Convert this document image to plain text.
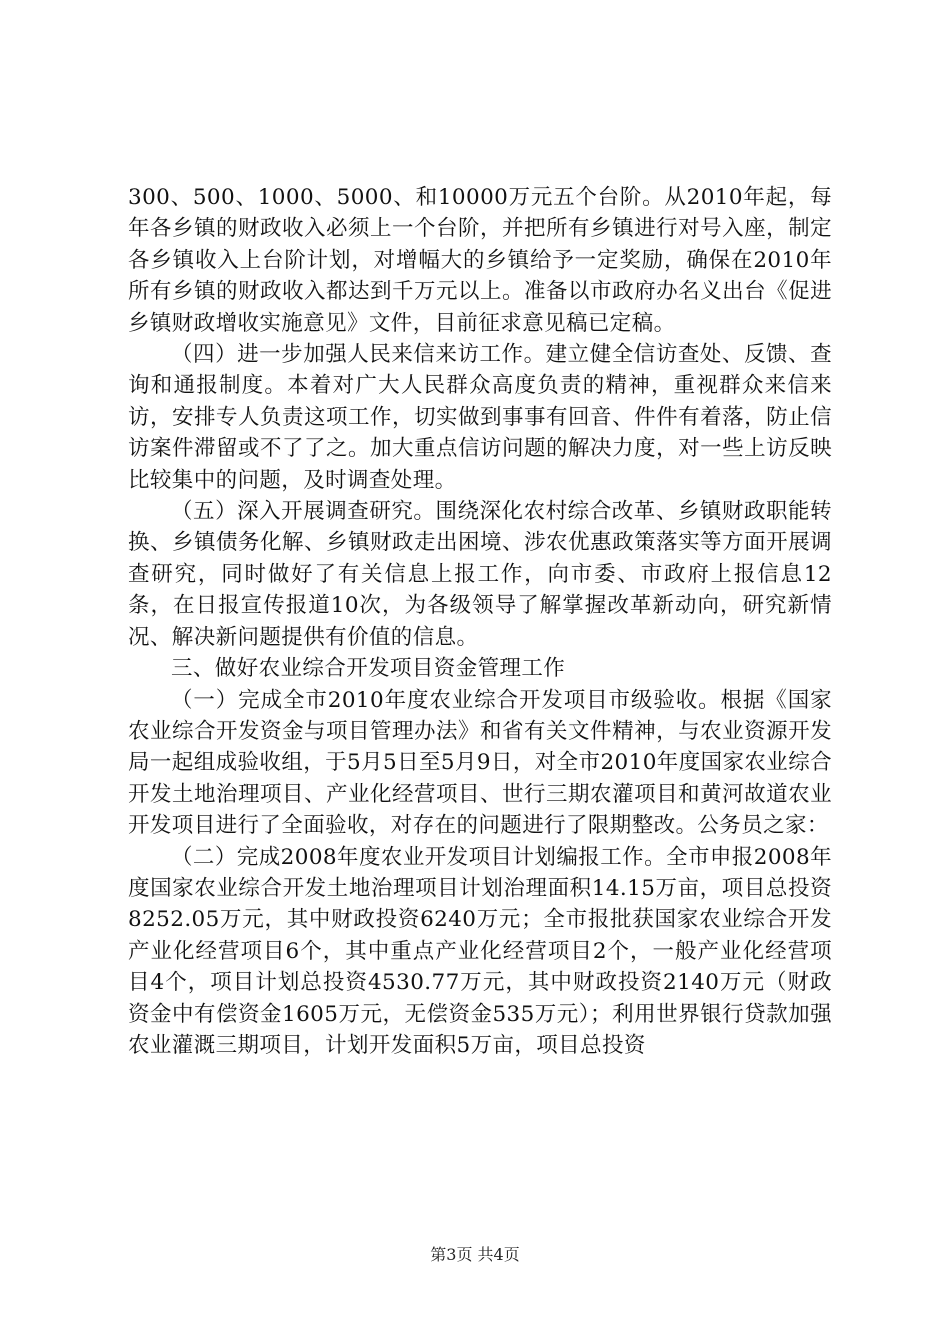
300、500、1000、5000、和10000万元五个台阶。从2010年起，每年各乡镇的财政收入必须上一个台阶，并把所有乡镇进行对号入座，制定各乡镇收入上台阶计划，对增幅大的乡镇给予一定奖励，确保在2010年所有乡镇的财政收入都达到千万元以上。准备以市政府办名义出台《促进乡镇财政增收实施意见》文件，目前征求意见稿已定稿。

（四）进一步加强人民来信来访工作。建立健全信访查处、反馈、查询和通报制度。本着对广大人民群众高度负责的精神，重视群众来信来访，安排专人负责这项工作，切实做到事事有回音、件件有着落，防止信访案件滞留或不了了之。加大重点信访问题的解决力度，对一些上访反映比较集中的问题，及时调查处理。

（五）深入开展调查研究。围绕深化农村综合改革、乡镇财政职能转换、乡镇债务化解、乡镇财政走出困境、涉农优惠政策落实等方面开展调查研究，同时做好了有关信息上报工作，向市委、市政府上报信息12条，在日报宣传报道10次，为各级领导了解掌握改革新动向，研究新情况、解决新问题提供有价值的信息。

三、做好农业综合开发项目资金管理工作

（一）完成全市2010年度农业综合开发项目市级验收。根据《国家农业综合开发资金与项目管理办法》和省有关文件精神，与农业资源开发局一起组成验收组，于5月5日至5月9日，对全市2010年度国家农业综合开发土地治理项目、产业化经营项目、世行三期农灌项目和黄河故道农业开发项目进行了全面验收，对存在的问题进行了限期整改。公务员之家：

（二）完成2008年度农业开发项目计划编报工作。全市申报2008年度国家农业综合开发土地治理项目计划治理面积14.15万亩，项目总投资8252.05万元，其中财政投资6240万元；全市报批获国家农业综合开发产业化经营项目6个，其中重点产业化经营项目2个，一般产业化经营项目4个，项目计划总投资4530.77万元，其中财政投资2140万元（财政资金中有偿资金1605万元，无偿资金535万元）；利用世界银行贷款加强农业灌溉三期项目，计划开发面积5万亩，项目总投资

第3页 共4页
